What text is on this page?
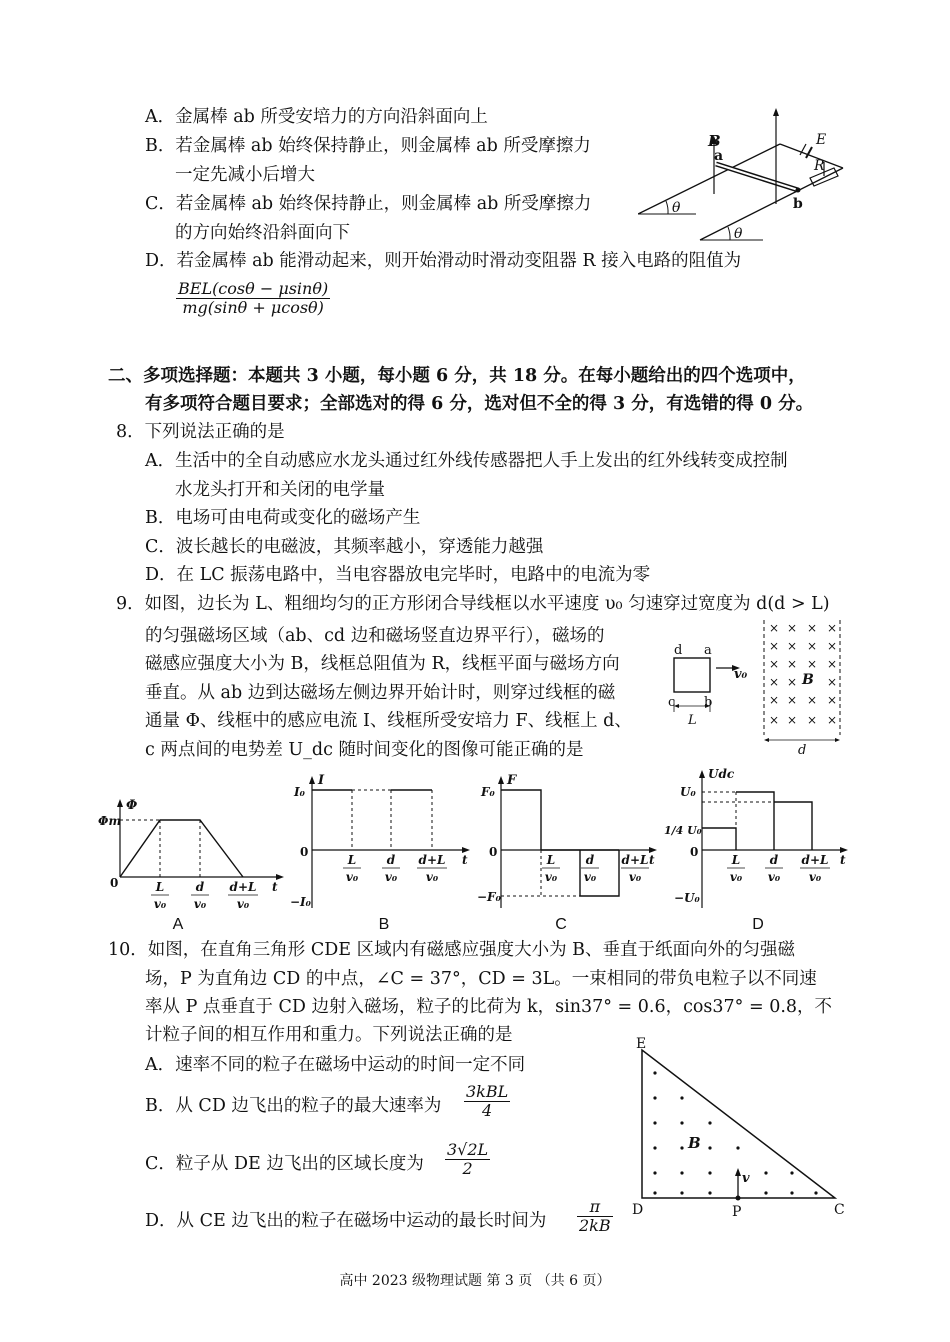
A．金属棒 ab 所受安培力的方向沿斜面向上
B．若金属棒 ab 始终保持静止，则金属棒 ab 所受摩擦力
一定先减小后增大
C．若金属棒 ab 始终保持静止，则金属棒 ab 所受摩擦力
的方向始终沿斜面向下
D．若金属棒 ab 能滑动起来，则开始滑动时滑动变阻器 R 接入电路的阻值为
BEL(cosθ − μsinθ)
mg(sinθ + μcosθ)
B
a
b
E
R
θ
θ
二、多项选择题：本题共 3 小题，每小题 6 分，共 18 分。在每小题给出的四个选项中，
有多项符合题目要求；全部选对的得 6 分，选对但不全的得 3 分，有选错的得 0 分。
8．下列说法正确的是
A．生活中的全自动感应水龙头通过红外线传感器把人手上发出的红外线转变成控制
水龙头打开和关闭的电学量
B．电场可由电荷或变化的磁场产生
C．波长越长的电磁波，其频率越小，穿透能力越强
D．在 LC 振荡电路中，当电容器放电完毕时，电路中的电流为零
9．如图，边长为 L、粗细均匀的正方形闭合导线框以水平速度 υ₀ 匀速穿过宽度为 d(d > L)
的匀强磁场区域（ab、cd 边和磁场竖直边界平行），磁场的
磁感应强度大小为 B，线框总阻值为 R，线框平面与磁场方向
垂直。从 ab 边到达磁场左侧边界开始计时，则穿过线框的磁
通量 Φ、线框中的感应电流 I、线框所受安培力 F、线框上 d、
c 两点间的电势差 U_dc 随时间变化的图像可能正确的是
× × × ×
× × × ×
× × × ×
× × ×
× × × ×
× × × ×
d a
c b
v₀
L
B
d
Φ
Φm
0	t
L
v₀
d
v₀
d+L
v₀
A
I
I₀
−I₀
0
t
L
v₀
d
v₀
d+L
v₀
B
F
F₀
−F₀
0
t
L
v₀
d
v₀
d+L
v₀
C
Udc
U₀
1/4 U₀
−U₀
0
t
L
v₀
d
v₀
d+L
v₀
D
10．如图，在直角三角形 CDE 区域内有磁感应强度大小为 B、垂直于纸面向外的匀强磁
场，P 为直角边 CD 的中点，∠C = 37°，CD = 3L。一束相同的带负电粒子以不同速
率从 P 点垂直于 CD 边射入磁场，粒子的比荷为 k，sin37° = 0.6，cos37° = 0.8，不
计粒子间的相互作用和重力。下列说法正确的是
A．速率不同的粒子在磁场中运动的时间一定不同
B．从 CD 边飞出的粒子的最大速率为
3kBL
4
C．粒子从 DE 边飞出的区域长度为 $\frac{3√2L}{2}$
D．从 CE 边飞出的粒子在磁场中运动的最长时间为 $\frac{\pi}{2kB}$
E
D	P	C
B
v
高中 2023 级物理试题 第 3 页 （共 6 页）
